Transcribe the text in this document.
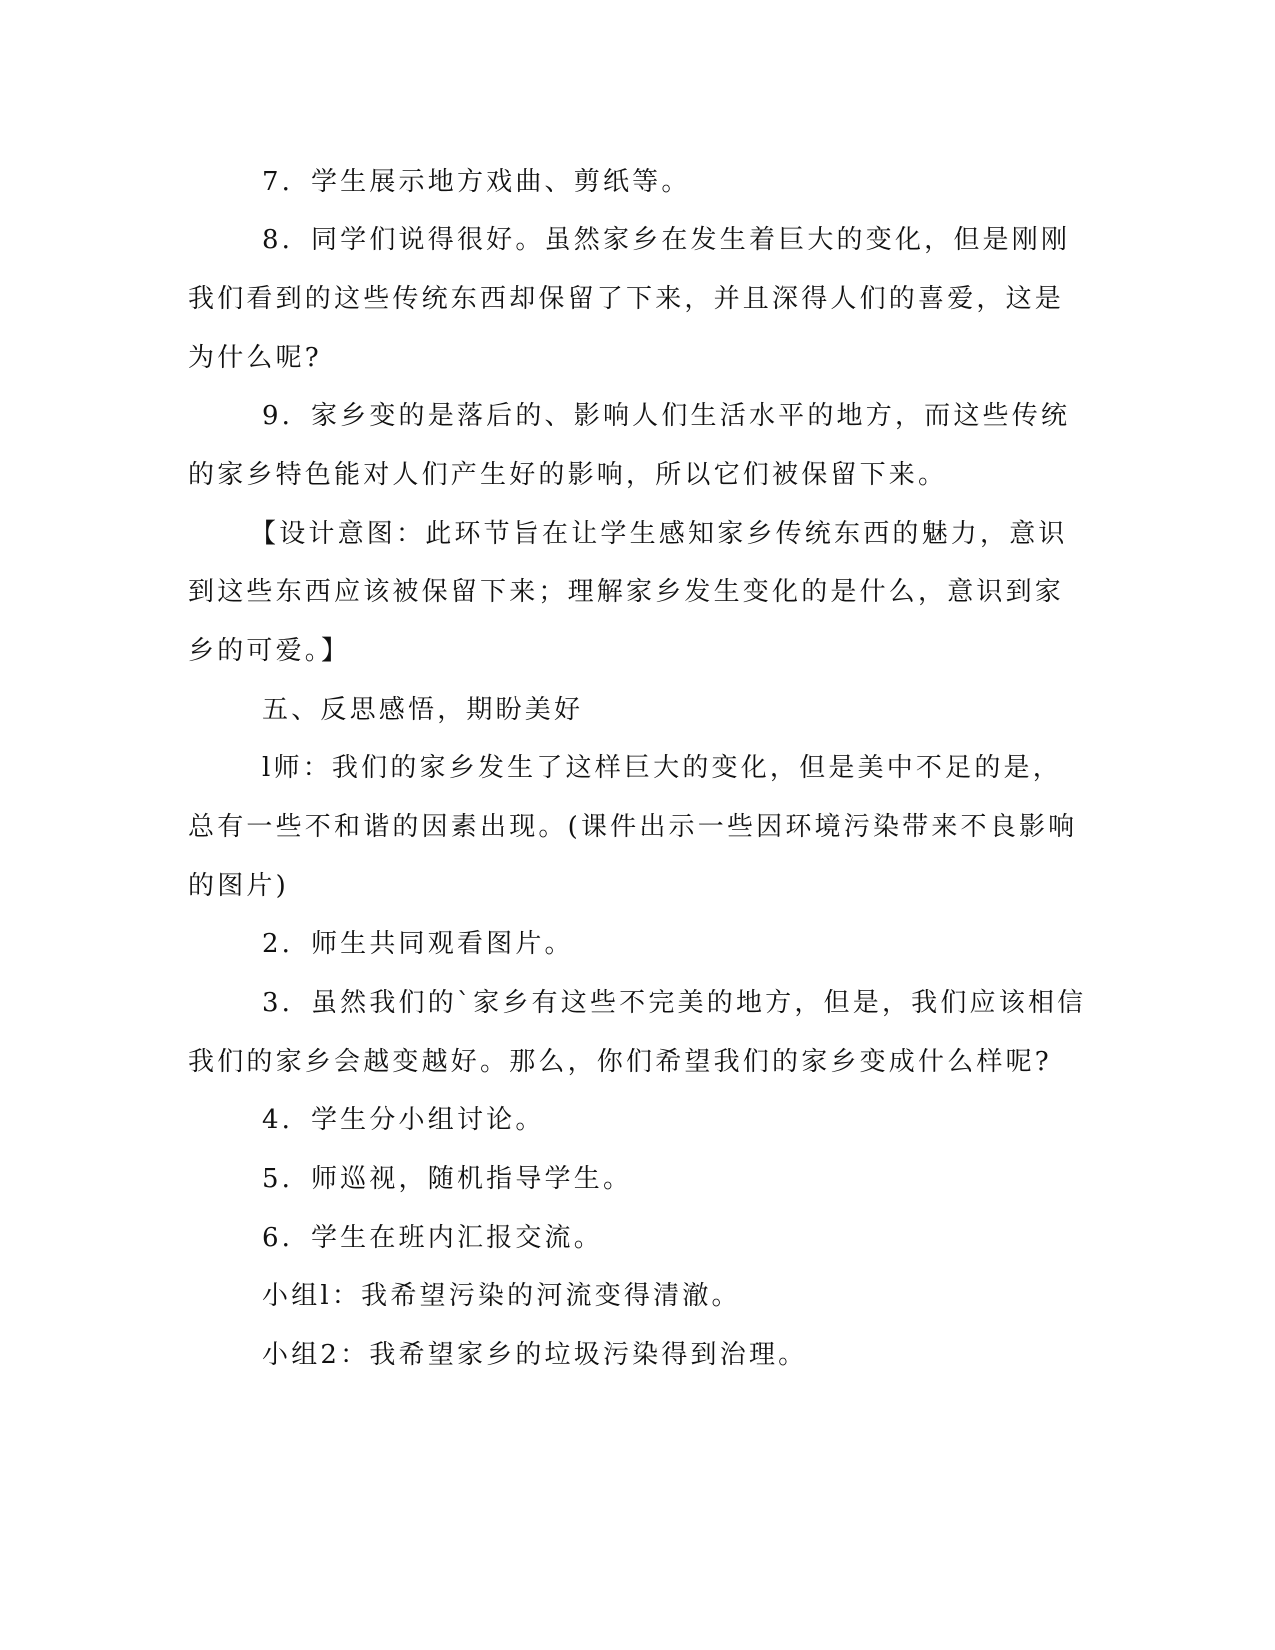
7．学生展示地方戏曲、剪纸等。
8．同学们说得很好。虽然家乡在发生着巨大的变化，但是刚刚
我们看到的这些传统东西却保留了下来，并且深得人们的喜爱，这是
为什么呢?
9．家乡变的是落后的、影响人们生活水平的地方，而这些传统
的家乡特色能对人们产生好的影响，所以它们被保留下来。
【设计意图：此环节旨在让学生感知家乡传统东西的魅力，意识
到这些东西应该被保留下来；理解家乡发生变化的是什么，意识到家
乡的可爱。】
五、反思感悟，期盼美好
l师：我们的家乡发生了这样巨大的变化，但是美中不足的是，
总有一些不和谐的因素出现。(课件出示一些因环境污染带来不良影响
的图片)
2．师生共同观看图片。
3．虽然我们的`家乡有这些不完美的地方，但是，我们应该相信
我们的家乡会越变越好。那么，你们希望我们的家乡变成什么样呢?
4．学生分小组讨论。
5．师巡视，随机指导学生。
6．学生在班内汇报交流。
小组l：我希望污染的河流变得清澈。
小组2：我希望家乡的垃圾污染得到治理。
